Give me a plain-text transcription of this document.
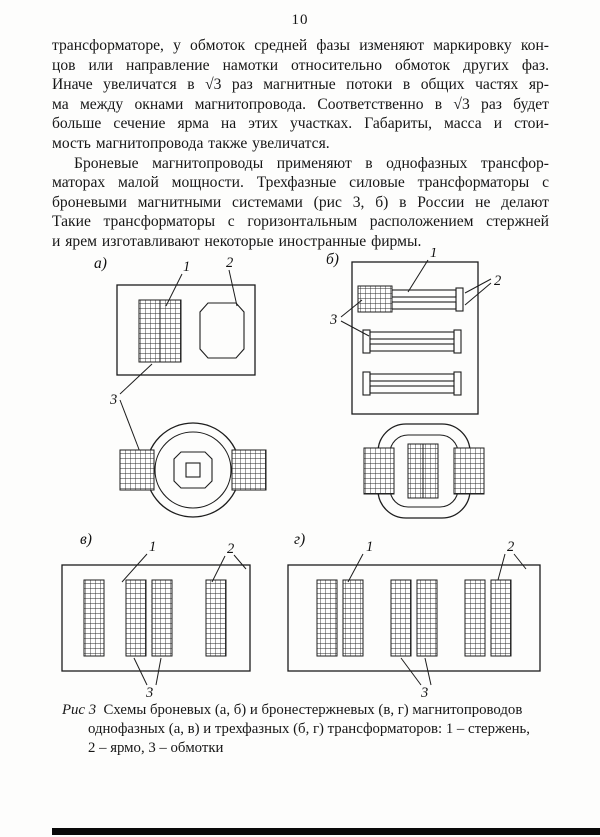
10

трансформаторе, у обмоток средней фазы изменяют маркировку кон-

цов или направление намотки относительно обмоток других фаз.

Иначе увеличатся в √3 раз магнитные потоки в общих частях яр-

ма между окнами магнитопровода. Соответственно в √3 раз будет

больше сечение ярма на этих участках. Габариты, масса и стои-

мость магнитопровода также увеличатся.

Броневые магнитопроводы применяют в однофазных трансфор-

маторах малой мощности. Трехфазные силовые трансформаторы с

броневыми магнитными системами (рис 3, б) в России не делают

Такие трансформаторы с горизонтальным расположением стержней

и ярем изготавливают некоторые иностранные фирмы.

а)	1 2
3
б)	1
2
3
в)	1	2
3
г)	1	2
3
Рис 3 Схемы броневых (а, б) и бронестержневых (в, г) магнитопроводов
однофазных (а, в) и трехфазных (б, г) трансформаторов: 1 – стержень,
2 – ярмо, 3 – обмотки
